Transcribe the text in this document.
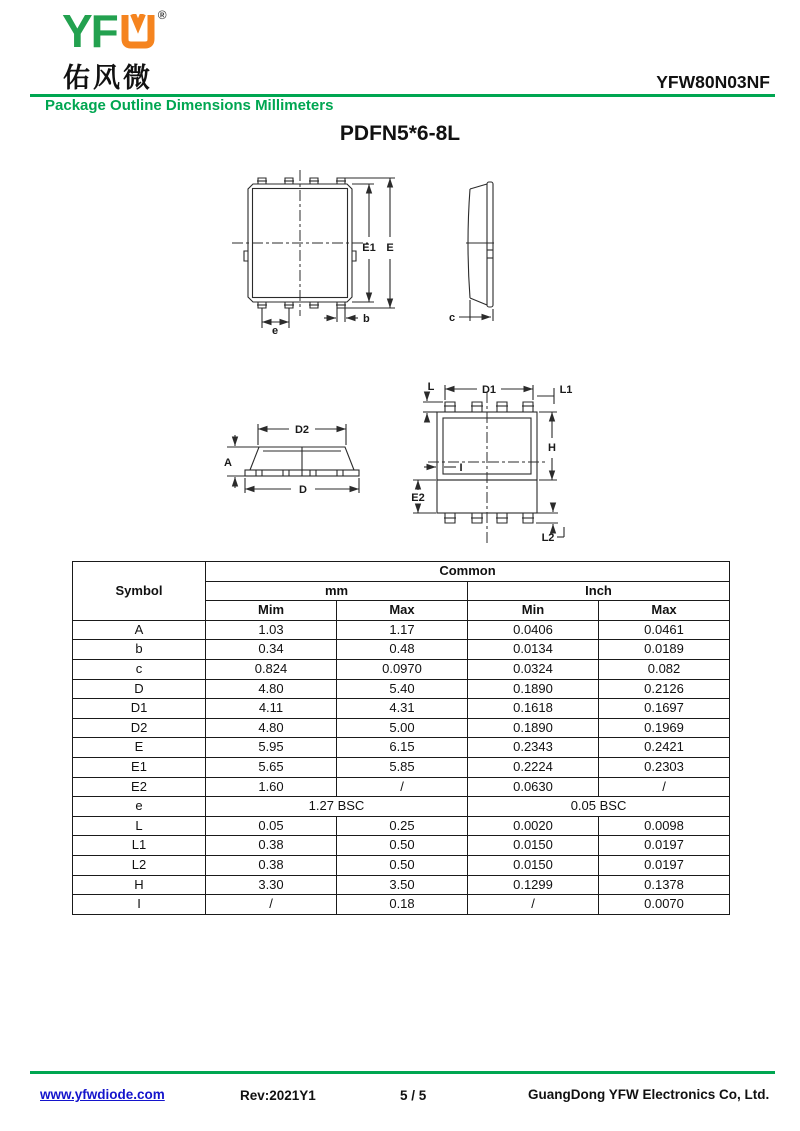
YF	®
佑风微	YFW80N03NF
Package Outline Dimensions Millimeters
PDFN5*6-8L
E1 E
e
b	c
D2
A
D
D1
L	L1
H
I
E2
L2
Symbol	Common			
	mm		Inch	
	Mim	Max	Min	Max
A	1.03	1.17	0.0406	0.0461
b	0.34	0.48	0.0134	0.0189
c	0.824	0.0970	0.0324	0.082
D	4.80	5.40	0.1890	0.2126
D1	4.11	4.31	0.1618	0.1697
D2	4.80	5.00	0.1890	0.1969
E	5.95	6.15	0.2343	0.2421
E1	5.65	5.85	0.2224	0.2303
E2	1.60	/	0.0630	/
e	1.27 BSC		0.05 BSC	
L	0.05	0.25	0.0020	0.0098
L1	0.38	0.50	0.0150	0.0197
L2	0.38	0.50	0.0150	0.0197
H	3.30	3.50	0.1299	0.1378
I	/	0.18	/	0.0070
www.yfwdiode.com	Rev:2021Y1	5 / 5	GuangDong YFW Electronics Co, Ltd.
